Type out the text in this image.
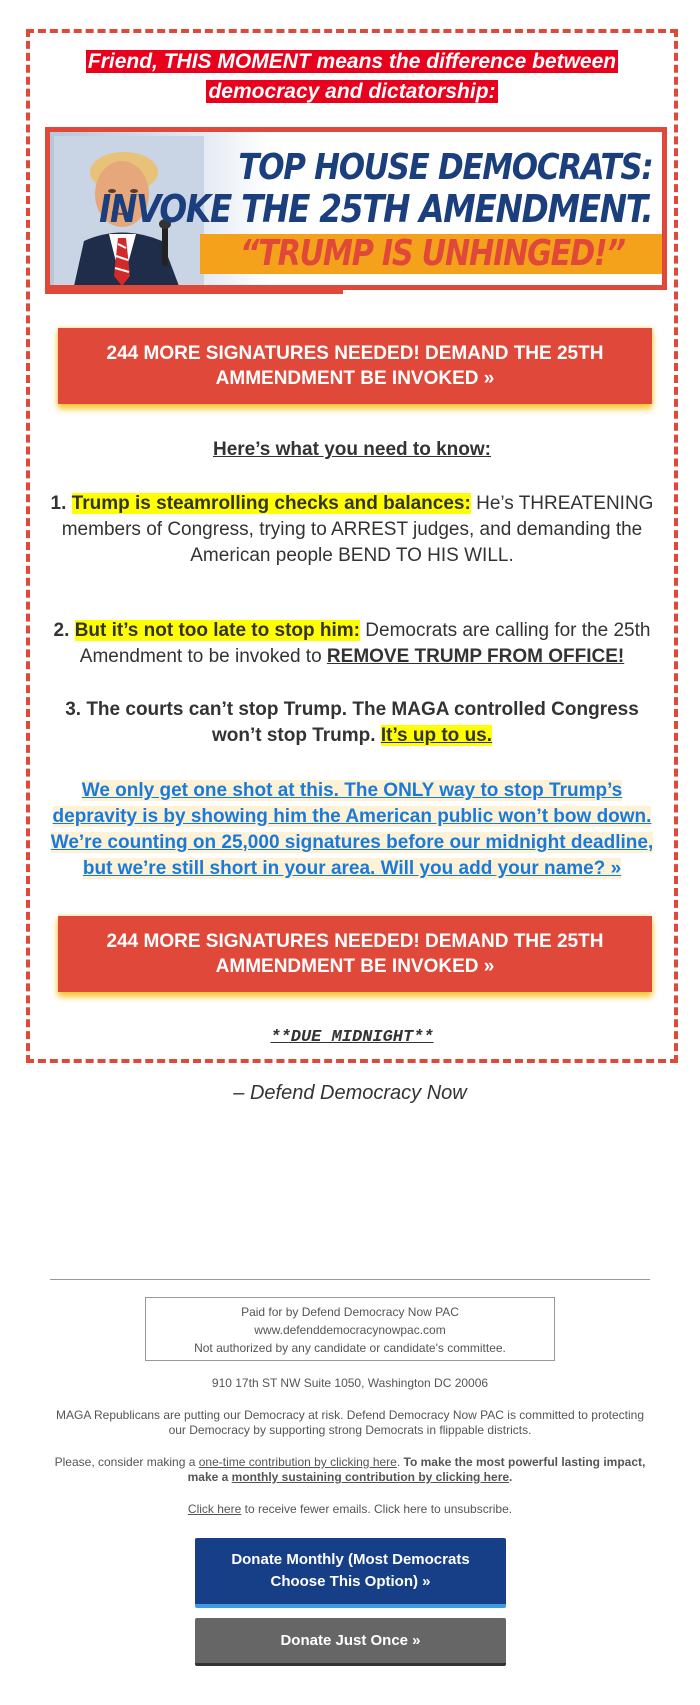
Friend, THIS MOMENT means the difference between
democracy and dictatorship:
TOP HOUSE DEMOCRATS:
INVOKE THE 25TH AMENDMENT.
“TRUMP IS UNHINGED!”
244 MORE SIGNATURES NEEDED! DEMAND THE 25TH
AMMENDMENT BE INVOKED »
Here’s what you need to know:
1. Trump is steamrolling checks and balances: He’s THREATENING members of Congress, trying to ARREST judges, and demanding the American people BEND TO HIS WILL.
2. But it’s not too late to stop him: Democrats are calling for the 25th Amendment to be invoked to REMOVE TRUMP FROM OFFICE!
3. The courts can’t stop Trump. The MAGA controlled Congress won’t stop Trump. It’s up to us.
We only get one shot at this. The ONLY way to stop Trump’s depravity is by showing him the American public won’t bow down. We’re counting on 25,000 signatures before our midnight deadline, but we’re still short in your area. Will you add your name? »
244 MORE SIGNATURES NEEDED! DEMAND THE 25TH
AMMENDMENT BE INVOKED »
**DUE MIDNIGHT**
– Defend Democracy Now
Paid for by Defend Democracy Now PAC
www.defenddemocracynowpac.com
Not authorized by any candidate or candidate's committee.
910 17th ST NW Suite 1050, Washington DC 20006
MAGA Republicans are putting our Democracy at risk. Defend Democracy Now PAC is committed to protecting our Democracy by supporting strong Democrats in flippable districts.
Please, consider making a one-time contribution by clicking here. To make the most powerful lasting impact, make a monthly sustaining contribution by clicking here.
Click here to receive fewer emails. Click here to unsubscribe.
Donate Monthly (Most Democrats
Choose This Option) »
Donate Just Once »
